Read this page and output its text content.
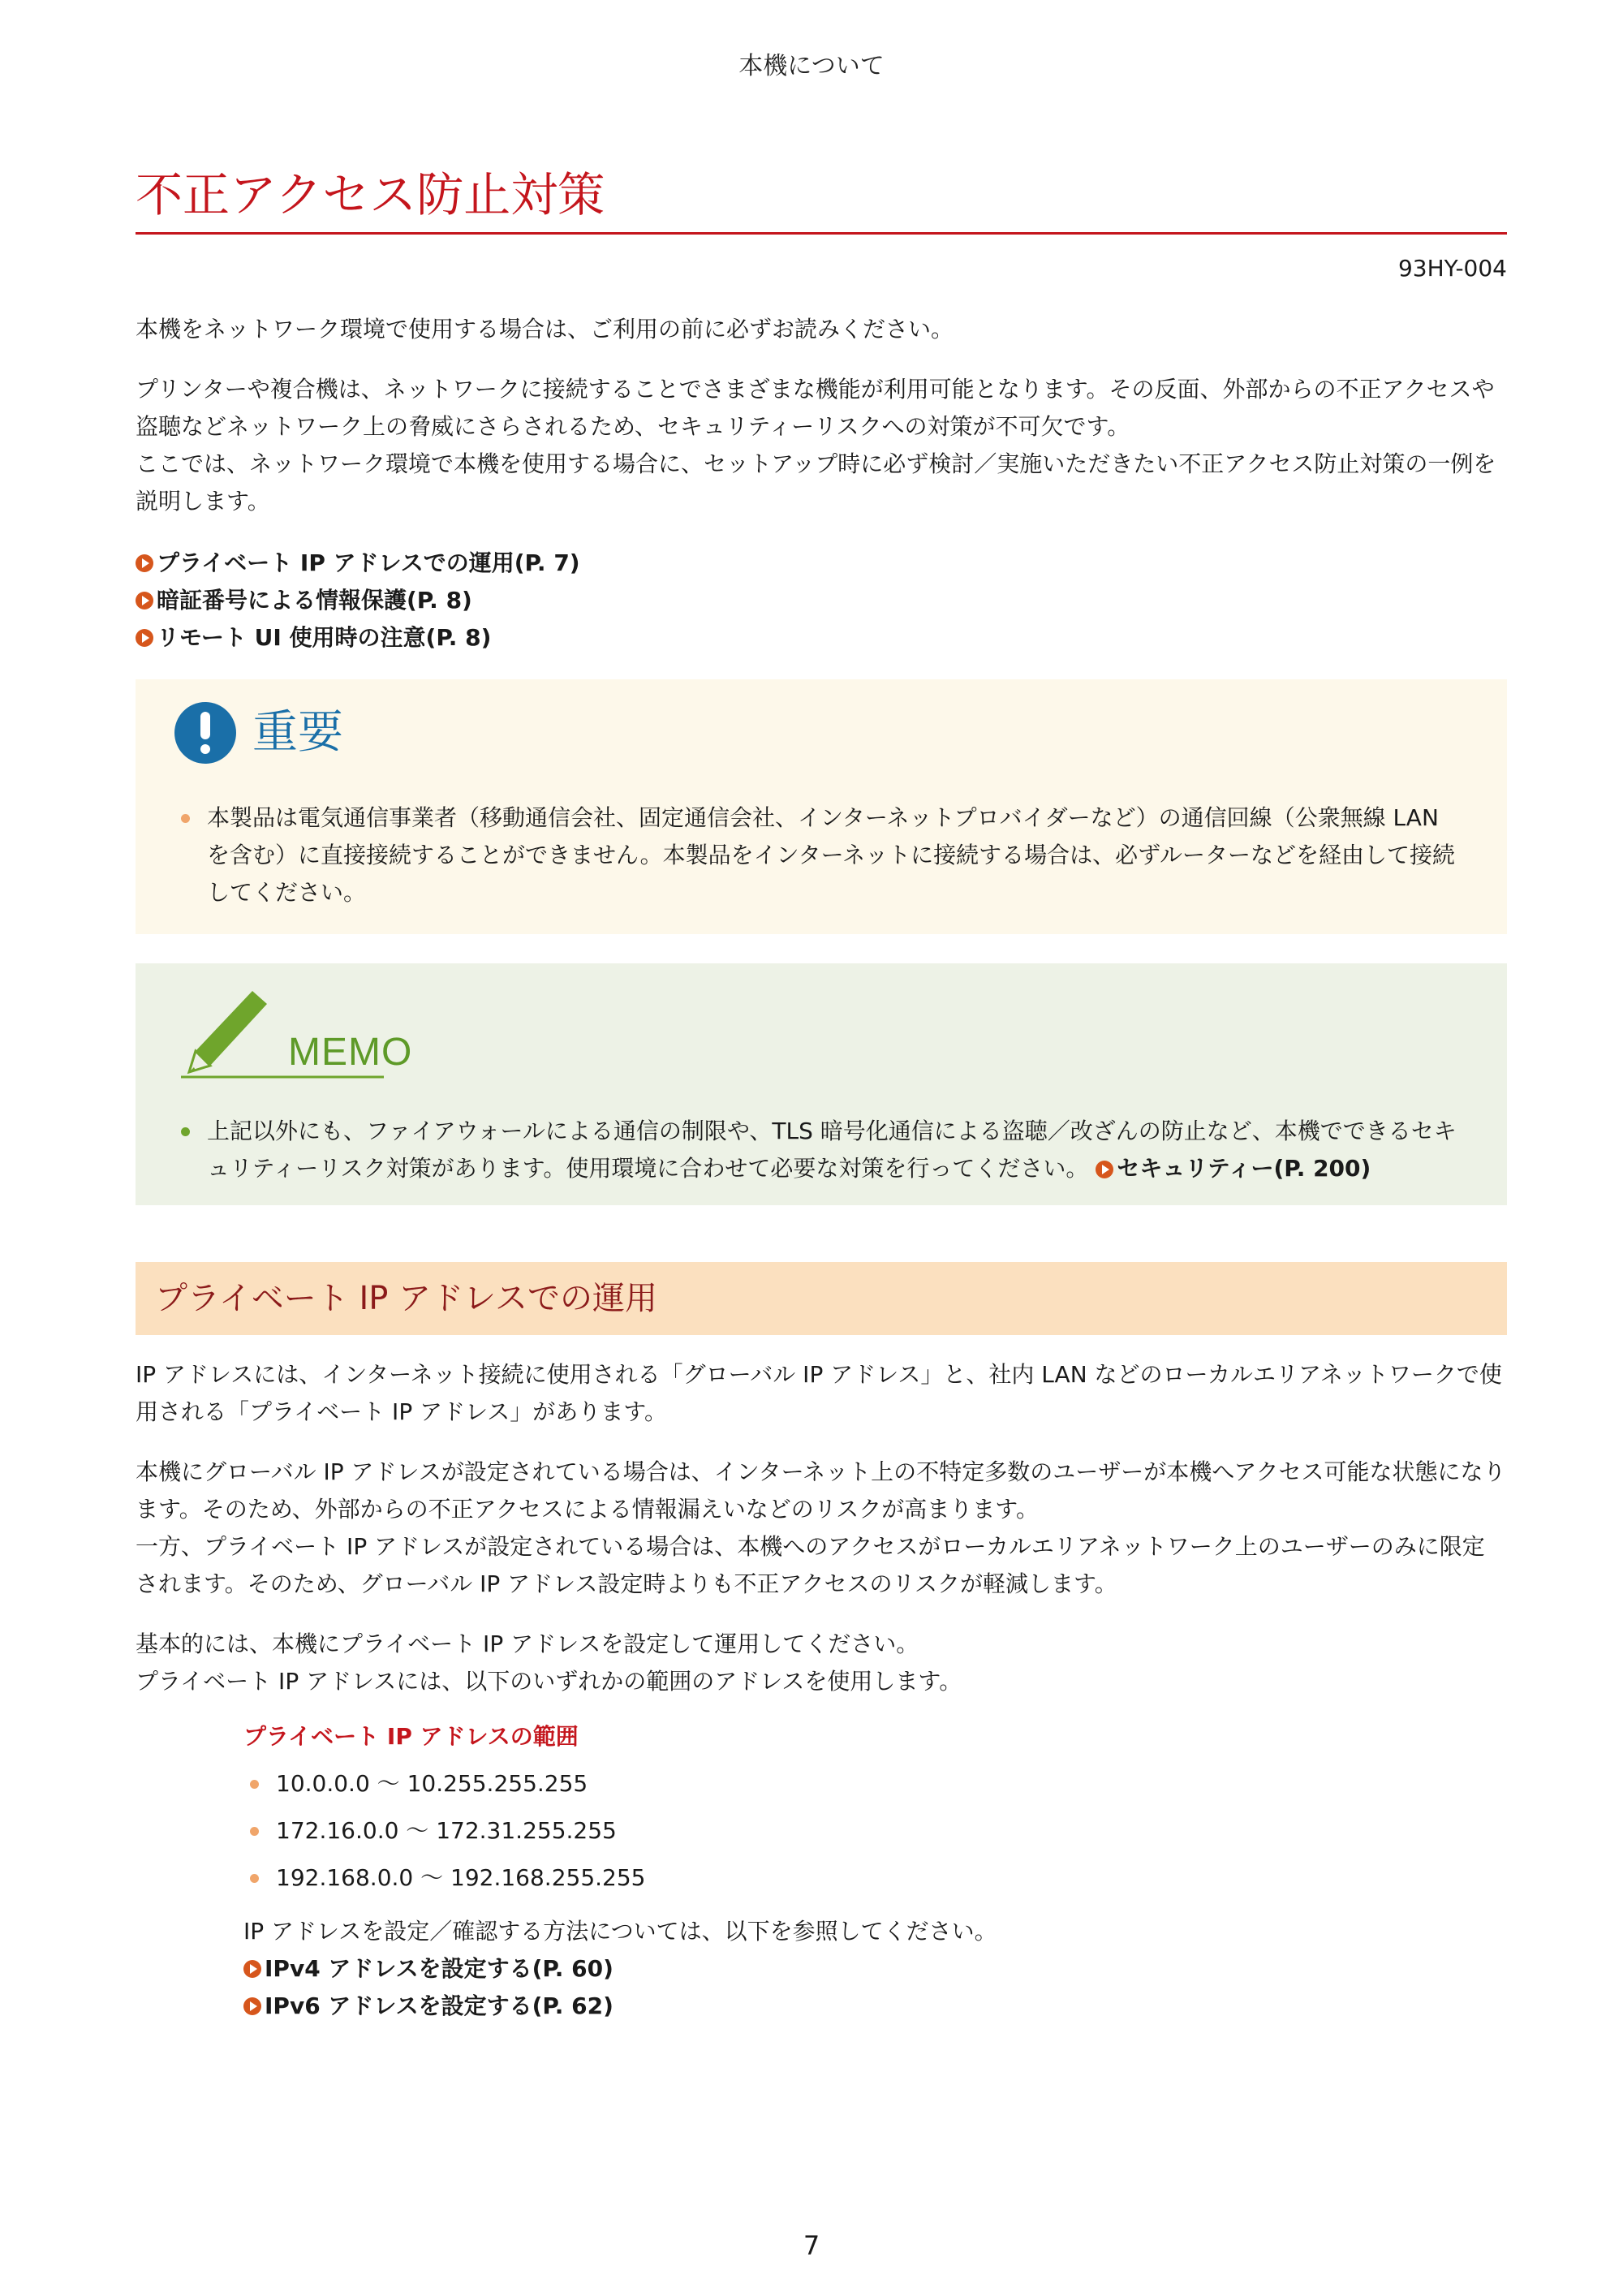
本機について
不正アクセス防止対策
93HY-004

本機をネットワーク環境で使用する場合は、ご利用の前に必ずお読みください。

プリンターや複合機は、ネットワークに接続することでさまざまな機能が利用可能となります。その反面、外部からの不正アクセスや盗聴などネットワーク上の脅威にさらされるため、セキュリティーリスクへの対策が不可欠です。

ここでは、ネットワーク環境で本機を使用する場合に、セットアップ時に必ず検討／実施いただきたい不正アクセス防止対策の一例を説明します。

プライベート IP アドレスでの運用(P. 7)
暗証番号による情報保護(P. 8)
リモート UI 使用時の注意(P. 8)
重要
本製品は電気通信事業者（移動通信会社、固定通信会社、インターネットプロバイダーなど）の通信回線（公衆無線 LAN を含む）に直接接続することができません。本製品をインターネットに接続する場合は、必ずルーターなどを経由して接続してください。
MEMO
上記以外にも、ファイアウォールによる通信の制限や、TLS 暗号化通信による盗聴／改ざんの防止など、本機でできるセキュリティーリスク対策があります。使用環境に合わせて必要な対策を行ってください。 セキュリティー(P. 200)
プライベート IP アドレスでの運用

IP アドレスには、インターネット接続に使用される「グローバル IP アドレス」と、社内 LAN などのローカルエリアネットワークで使用される「プライベート IP アドレス」があります。

本機にグローバル IP アドレスが設定されている場合は、インターネット上の不特定多数のユーザーが本機へアクセス可能な状態になります。そのため、外部からの不正アクセスによる情報漏えいなどのリスクが高まります。

一方、プライベート IP アドレスが設定されている場合は、本機へのアクセスがローカルエリアネットワーク上のユーザーのみに限定されます。そのため、グローバル IP アドレス設定時よりも不正アクセスのリスクが軽減します。

基本的には、本機にプライベート IP アドレスを設定して運用してください。

プライベート IP アドレスには、以下のいずれかの範囲のアドレスを使用します。

プライベート IP アドレスの範囲
10.0.0.0 ～ 10.255.255.255
172.16.0.0 ～ 172.31.255.255
192.168.0.0 ～ 192.168.255.255

IP アドレスを設定／確認する方法については、以下を参照してください。

IPv4 アドレスを設定する(P. 60)
IPv6 アドレスを設定する(P. 62)
7
